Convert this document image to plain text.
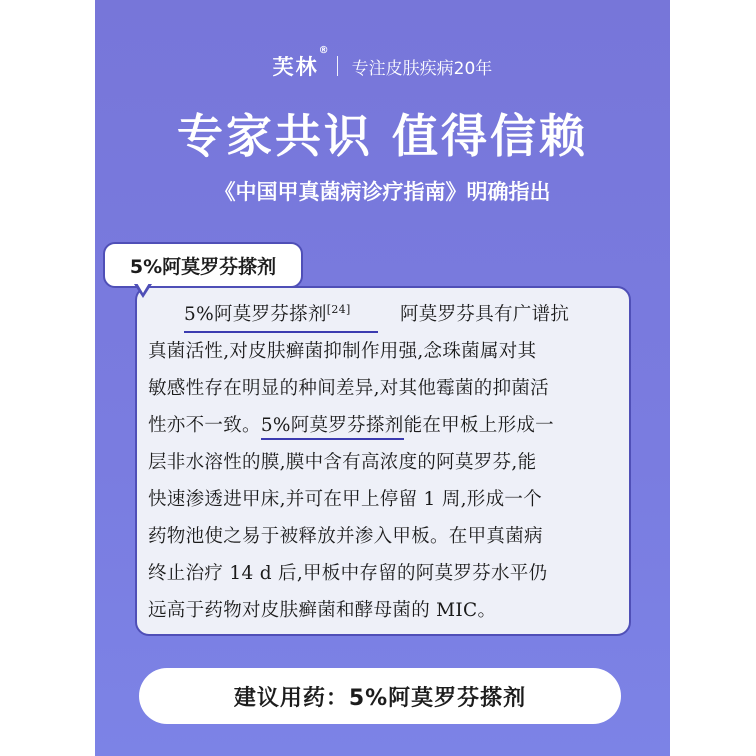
芙林
®
专注皮肤疾病20年
专家共识 值得信赖
《中国甲真菌病诊疗指南》明确指出
5%阿莫罗芬搽剂
5%阿莫罗芬搽剂[24]	阿莫罗芬具有广谱抗
真菌活性,对皮肤癣菌抑制作用强,念珠菌属对其
敏感性存在明显的种间差异,对其他霉菌的抑菌活
性亦不一致。5%阿莫罗芬搽剂能在甲板上形成一
层非水溶性的膜,膜中含有高浓度的阿莫罗芬,能
快速渗透进甲床,并可在甲上停留 1 周,形成一个
药物池使之易于被释放并渗入甲板。在甲真菌病
终止治疗 14 d 后,甲板中存留的阿莫罗芬水平仍
远高于药物对皮肤癣菌和酵母菌的 MIC。
建议用药：5%阿莫罗芬搽剂
